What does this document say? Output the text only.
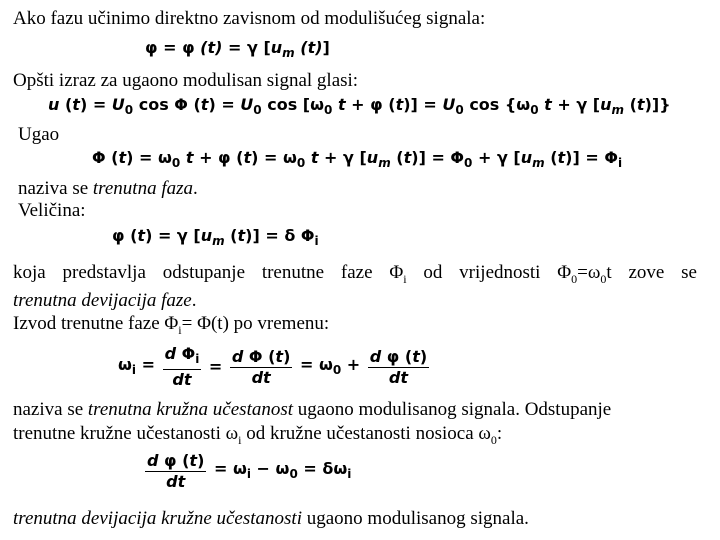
Ako fazu učinimo direktno zavisnom od modulišućeg signala:
φ = φ (t) = γ [$u_m$ (t)]
Opšti izraz za ugaono modulisan signal glasi:
u $(t) = U_0$ cos Φ $(t) = U_0$ $\cos [\omega_0$ t + φ $(t)] = U_0$ $\cos \{\omega_0$ t + γ [$u_m$ (t)]}
Ugao
Φ $(t) = \omega_0$ t + φ $(t) = \omega_0$ t + γ [$u_m$ $(t)] = \Phi_0 + \gamma$ [$u_m$ $(t)] = \Phi_i$
naziva se trenutna faza.
Veličina:
φ (t) = γ [$u_m$ (t)] = δ $\Phi_i$
koja predstavlja odstupanje trenutne faze $\Phi_i$ od vrijednosti $\Phi_0=\omega_0t$ zove se
trenutna devijacija faze.
Izvod trenutne faze $\Phi_i= \Phi(t)$ po vremenu:
$\omega_i = \frac{d \Phi_i}{dt} = \frac{\text{d Φ (t)}}{dt} = \omega_0 + \frac{\text{d φ (t)}}{dt}$
naziva se trenutna kružna učestanost ugaono modulisanog signala. Odstupanje
trenutne kružne učestanosti $\omega_i$ od kružne učestanosti nosioca $\omega_0$:
$\frac{\text{d φ (t)}}{dt} = \omega_i - \omega_0 = \delta\omega_i$
trenutna devijacija kružne učestanosti ugaono modulisanog signala.
